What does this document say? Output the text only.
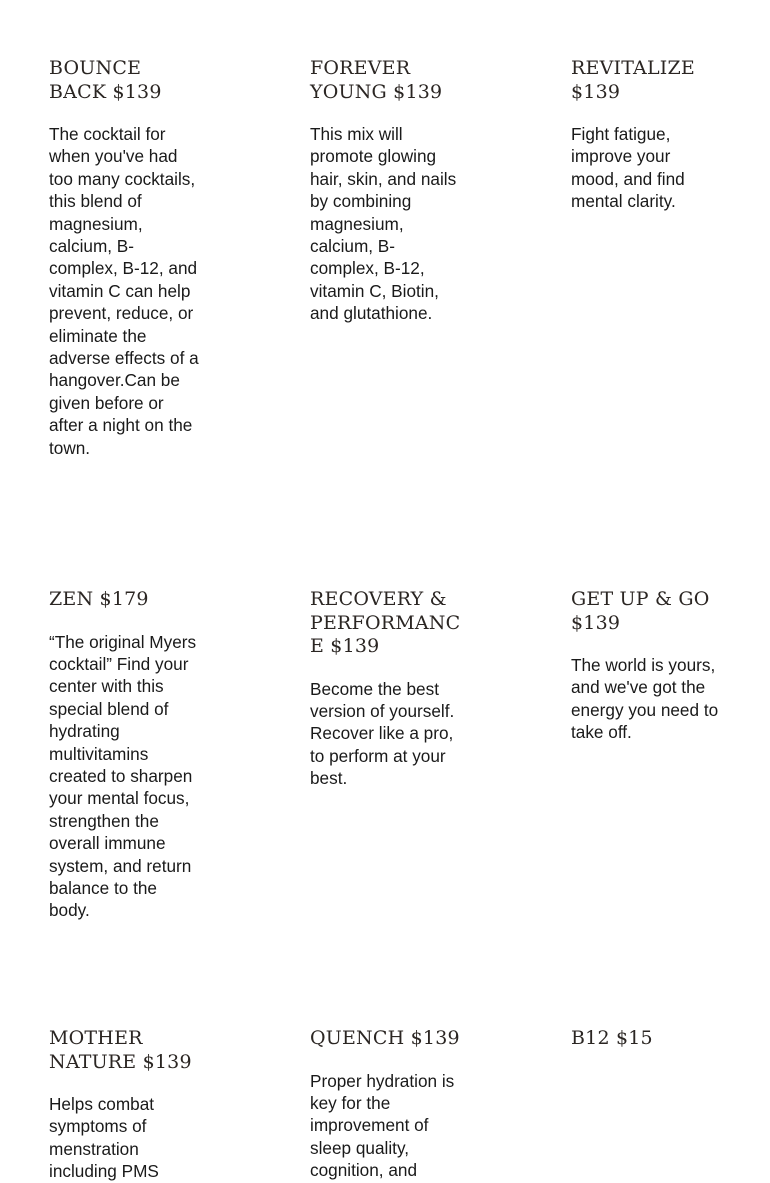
BOUNCE BACK $139

The cocktail for when you've had too many cocktails, this blend of magnesium, calcium, B-complex, B-12, and vitamin C can help prevent, reduce, or eliminate the adverse effects of a hangover.Can be given before or after a night on the town.

FOREVER YOUNG $139

This mix will promote glowing hair, skin, and nails by combining magnesium, calcium, B-complex, B-12, vitamin C, Biotin, and glutathione.

REVITALIZE $139

Fight fatigue, improve your mood, and find mental clarity.

ZEN $179

“The original Myers cocktail” Find your center with this special blend of hydrating multivitamins created to sharpen your mental focus, strengthen the overall immune system, and return balance to the body.

RECOVERY & PERFORMANCE $139

Become the best version of yourself. Recover like a pro, to perform at your best.

GET UP & GO $139

The world is yours, and we've got the energy you need to take off.

MOTHER NATURE $139

Helps combat symptoms of menstration including PMS

QUENCH $139

Proper hydration is key for the improvement of sleep quality, cognition, and

B12 $15
